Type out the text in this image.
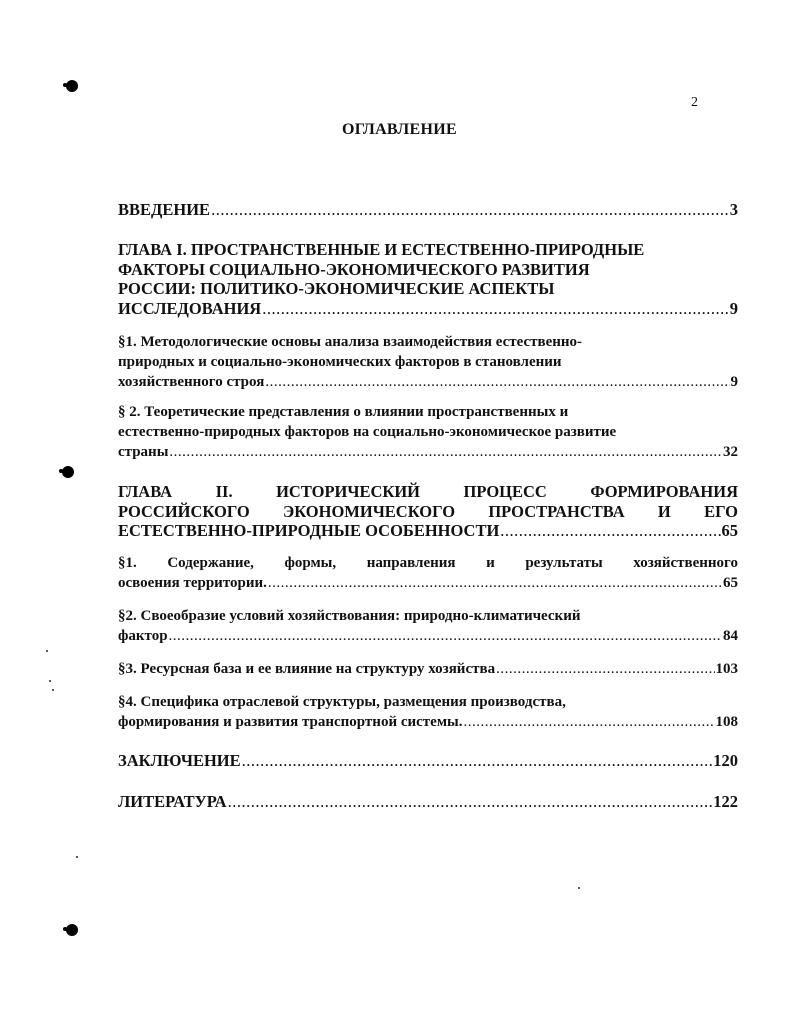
2
ОГЛАВЛЕНИЕ
ВВЕДЕНИЕ .....	3
ГЛАВА I. ПРОСТРАНСТВЕННЫЕ И ЕСТЕСТВЕННО-ПРИРОДНЫЕ
ФАКТОРЫ СОЦИАЛЬНО-ЭКОНОМИЧЕСКОГО РАЗВИТИЯ
РОССИИ: ПОЛИТИКО-ЭКОНОМИЧЕСКИЕ АСПЕКТЫ
ИССЛЕДОВАНИЯ .....	9
§1. Методологические основы анализа взаимодействия естественно-
природных и социально-экономических факторов в становлении
хозяйственного строя .....	9
§ 2. Теоретические представления о влиянии пространственных и
естественно-природных факторов на социально-экономическое развитие
страны .....	32
ГЛАВА II. ИСТОРИЧЕСКИЙ ПРОЦЕСС ФОРМИРОВАНИЯ
РОССИЙСКОГО ЭКОНОМИЧЕСКОГО ПРОСТРАНСТВА И ЕГО
ЕСТЕСТВЕННО-ПРИРОДНЫЕ ОСОБЕННОСТИ .....	65
§1. Содержание, формы, направления и результаты хозяйственного
освоения территории. .....	65
§2. Своеобразие условий хозяйствования: природно-климатический
фактор .....	84
§3. Ресурсная база и ее влияние на структуру хозяйства .....	103
§4. Специфика отраслевой структуры, размещения производства,
формирования и развития транспортной системы. .....	108
ЗАКЛЮЧЕНИЕ .....	120
ЛИТЕРАТУРА .....	122
